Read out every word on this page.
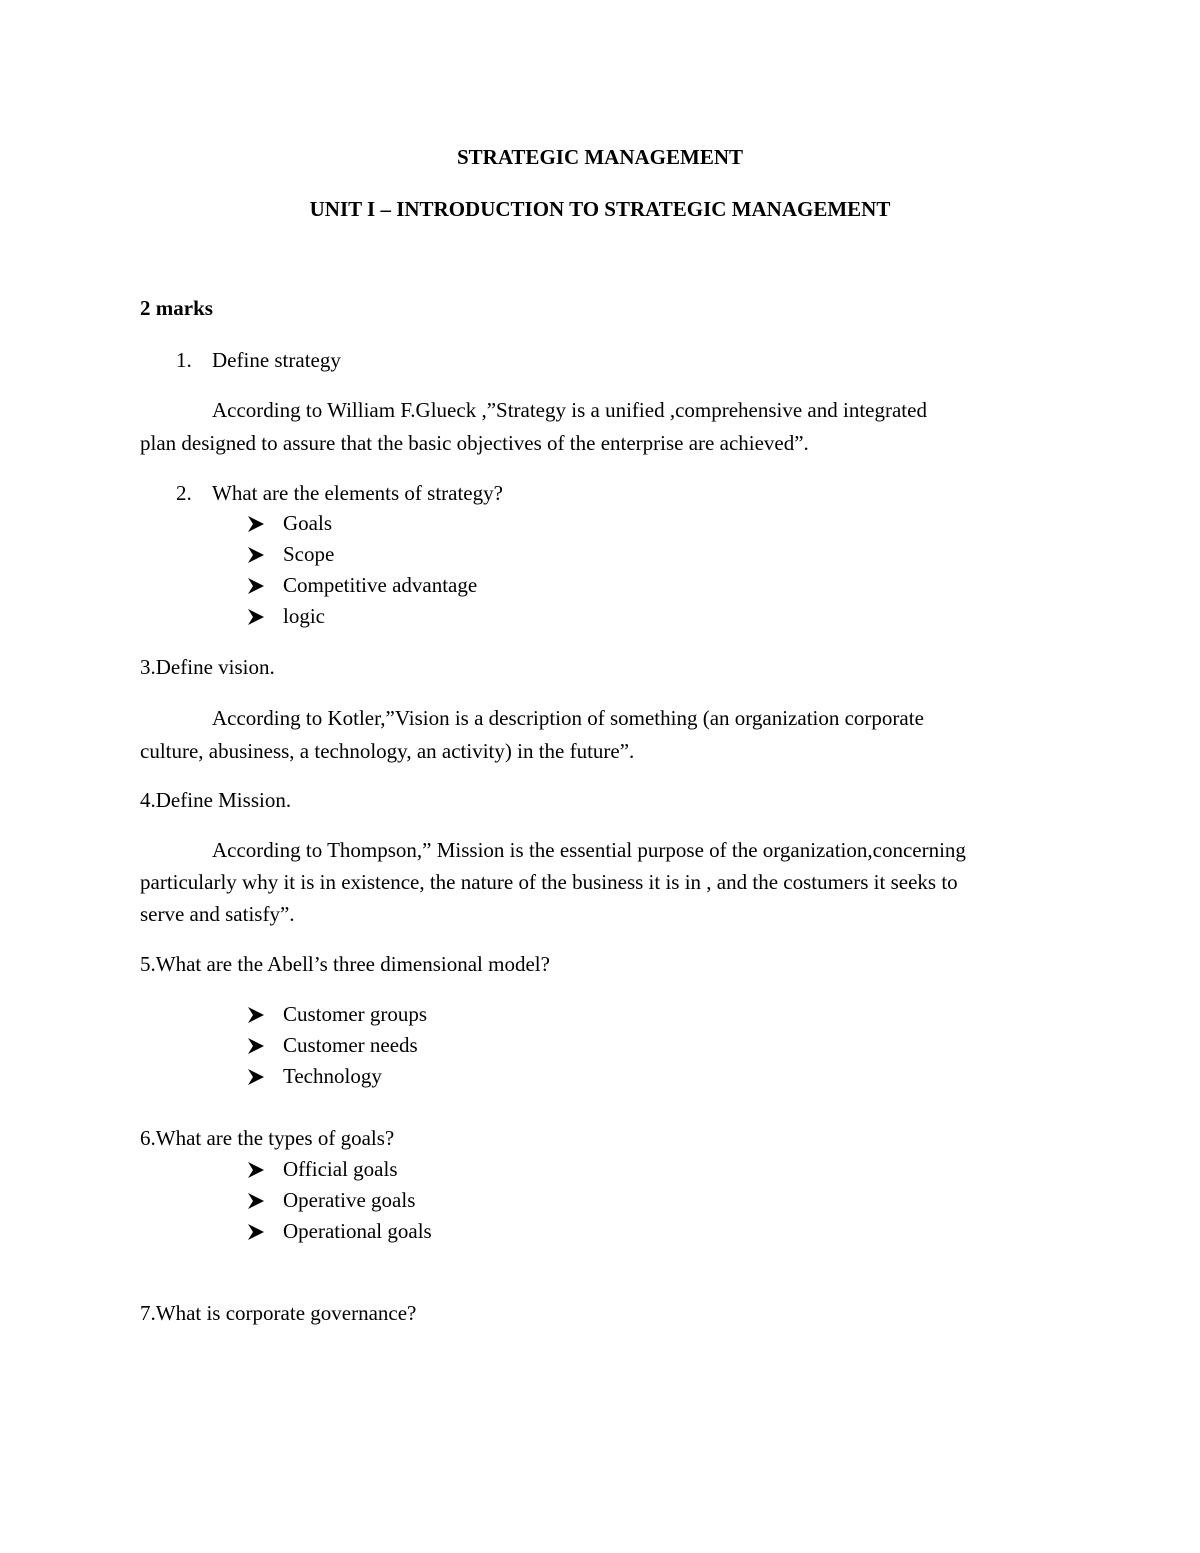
STRATEGIC MANAGEMENT
UNIT I – INTRODUCTION TO STRATEGIC MANAGEMENT
2 marks
1. Define strategy
According to William F.Glueck ,”Strategy is a unified ,comprehensive and integrated
plan designed to assure that the basic objectives of the enterprise are achieved”.
2. What are the elements of strategy?
Goals
Scope
Competitive advantage
logic
3.Define vision.
According to Kotler,”Vision is a description of something (an organization corporate
culture, abusiness, a technology, an activity) in the future”.
4.Define Mission.
According to Thompson,” Mission is the essential purpose of the organization,concerning
particularly why it is in existence, the nature of the business it is in , and the costumers it seeks to
serve and satisfy”.
5.What are the Abell’s three dimensional model?
Customer groups
Customer needs
Technology
6.What are the types of goals?
Official goals
Operative goals
Operational goals
7.What is corporate governance?
